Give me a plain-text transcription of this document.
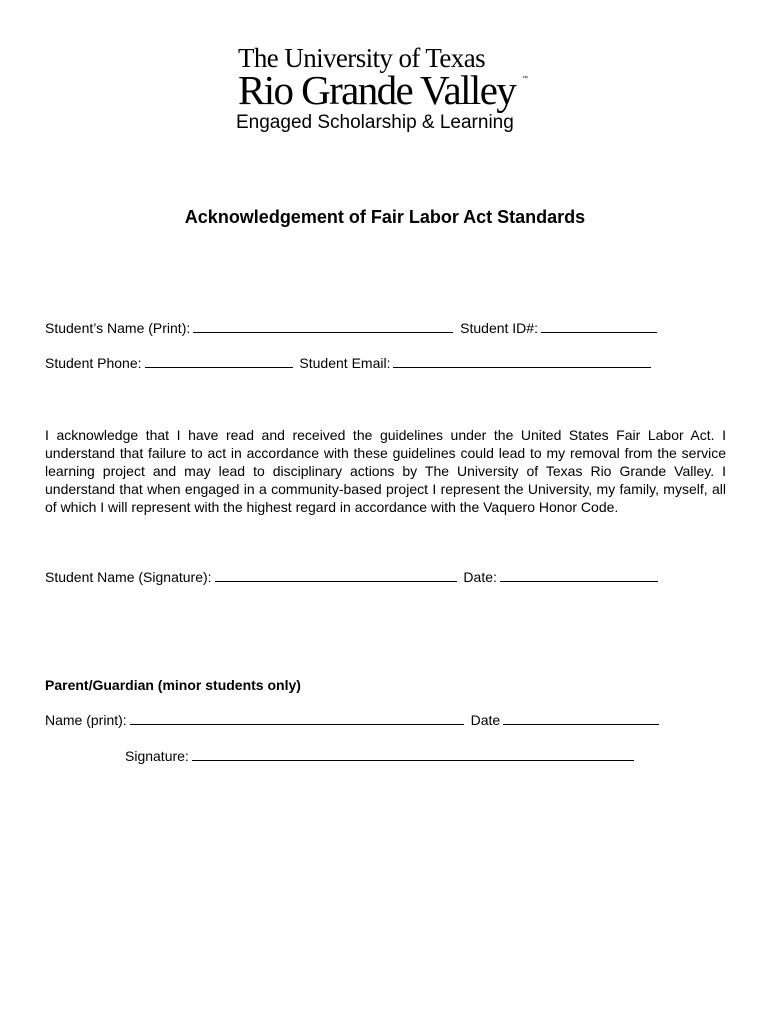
The University of Texas
Rio Grande Valley	™
Engaged Scholarship & Learning
Acknowledgement of Fair Labor Act Standards
Student’s Name (Print):	Student ID#:
Student Phone:	Student Email:
I acknowledge that I have read and received the guidelines under the United States Fair Labor Act. I understand that failure to act in accordance with these guidelines could lead to my removal from the service learning project and may lead to disciplinary actions by The University of Texas Rio Grande Valley. I understand that when engaged in a community-based project I represent the University, my family, myself, all of which I will represent with the highest regard in accordance with the Vaquero Honor Code.
Student Name (Signature):	Date:
Parent/Guardian (minor students only)
Name (print):	Date
Signature:
